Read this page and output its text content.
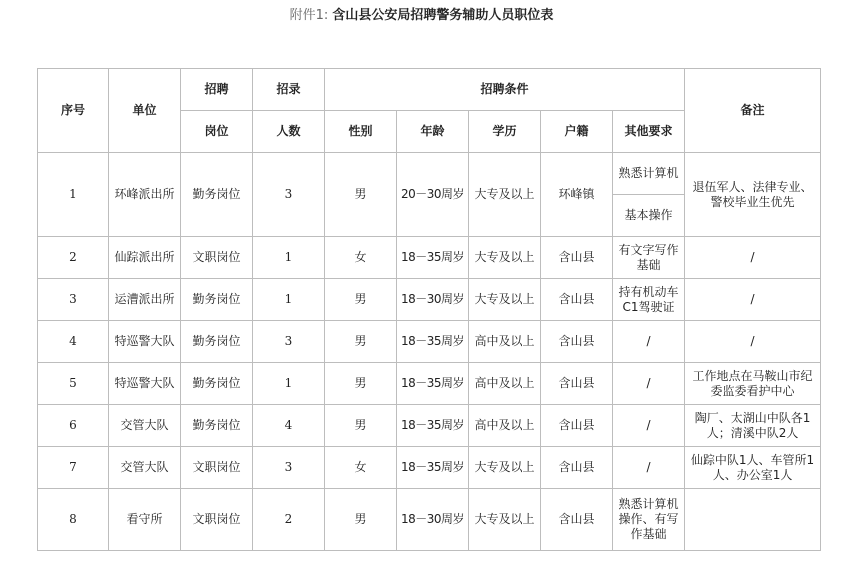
附件1: 含山县公安局招聘警务辅助人员职位表
序号	单位	招聘	招录	招聘条件					备注
		岗位	人数	性别	年龄	学历	户籍	其他要求	
1	环峰派出所	勤务岗位	3	男	20－30周岁	大专及以上	环峰镇	熟悉计算机	退伍军人、法律专业、
警校毕业生优先

								基本操作	
2	仙踪派出所	文职岗位	1	女	18－35周岁	大专及以上	含山县	有文字写作
基础	/
3	运漕派出所	勤务岗位	1	男	18－30周岁	大专及以上	含山县	持有机动车
C1驾驶证	/
4	特巡警大队	勤务岗位	3	男	18－35周岁	高中及以上	含山县	/	/
5	特巡警大队	勤务岗位	1	男	18－35周岁	高中及以上	含山县	/	工作地点在马鞍山市纪
委监委看护中心

6	交管大队	勤务岗位	4	男	18－35周岁	高中及以上	含山县	/	陶厂、太湖山中队各1
人；清溪中队2人

7	交管大队	文职岗位	3	女	18－35周岁	大专及以上	含山县	/	仙踪中队1人、车管所1
人、办公室1人

8	看守所	文职岗位	2	男	18－30周岁	大专及以上	含山县	熟悉计算机
操作、有写
作基础	
